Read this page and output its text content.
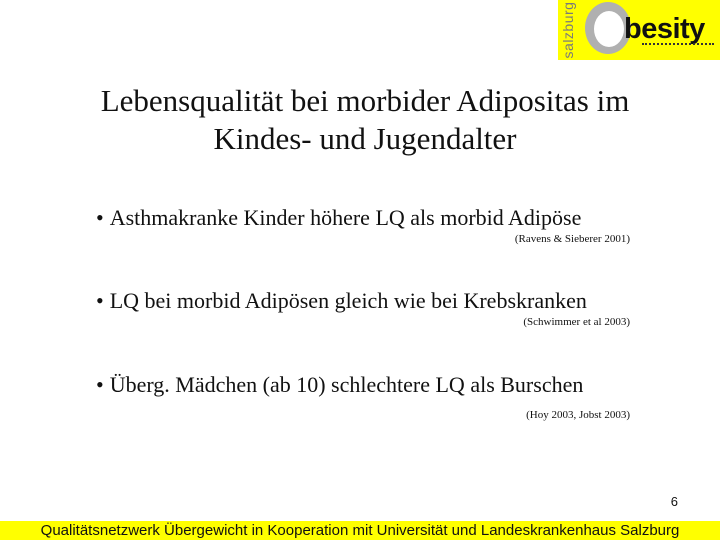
salzburg besity
Lebensqualität bei morbider Adipositas im
Kindes- und Jugendalter
• Asthmakranke Kinder höhere LQ als morbid Adipöse
(Ravens & Sieberer 2001)
• LQ bei morbid Adipösen gleich wie bei Krebskranken
(Schwimmer et al 2003)
• Überg. Mädchen (ab 10) schlechtere LQ als Burschen
(Hoy 2003, Jobst 2003)
6
Qualitätsnetzwerk Übergewicht in Kooperation mit Universität und Landeskrankenhaus Salzburg
